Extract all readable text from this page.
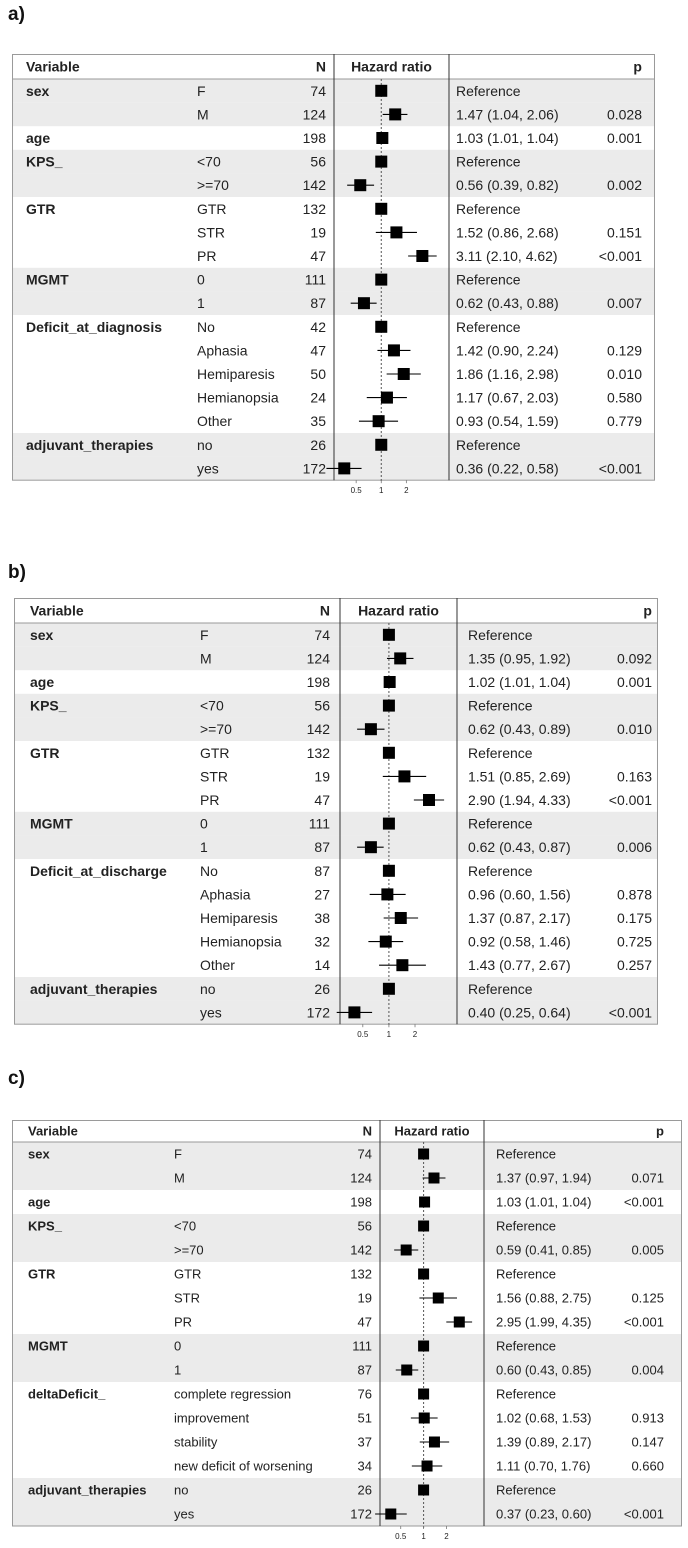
a)
Variable	N Hazard ratio	p
sex	F	74	Reference
M	124	1.47 (1.04, 2.06)	0.028
age	198	1.03 (1.01, 1.04)	0.001
KPS_	<70	56	Reference
>=70	142	0.56 (0.39, 0.82)	0.002
GTR	GTR	132	Reference
STR	19	1.52 (0.86, 2.68)	0.151
PR	47	3.11 (2.10, 4.62)	<0.001
MGMT	0	111	Reference
1	87	0.62 (0.43, 0.88)	0.007
Deficit_at_diagnosis No	42	Reference
Aphasia	47	1.42 (0.90, 2.24)	0.129
Hemiparesis	50	1.86 (1.16, 2.98)	0.010
Hemianopsia 24	1.17 (0.67, 2.03)	0.580
Other	35	0.93 (0.54, 1.59)	0.779
adjuvant_therapies	no	26	Reference
yes	172	0.36 (0.22, 0.58)	<0.001
0.5 1	2
b)
Variable	N Hazard ratio	p
sex	F	74	Reference
M	124	1.35 (0.95, 1.92)	0.092
age	198	1.02 (1.01, 1.04)	0.001
KPS_	<70	56	Reference
>=70	142	0.62 (0.43, 0.89)	0.010
GTR	GTR	132	Reference
STR	19	1.51 (0.85, 2.69)	0.163
PR	47	2.90 (1.94, 4.33)	<0.001
MGMT	0	111	Reference
1	87	0.62 (0.43, 0.87)	0.006
Deficit_at_discharge No	87	Reference
Aphasia	27	0.96 (0.60, 1.56)	0.878
Hemiparesis	38	1.37 (0.87, 2.17)	0.175
Hemianopsia 32	0.92 (0.58, 1.46)	0.725
Other	14	1.43 (0.77, 2.67)	0.257
adjuvant_therapies	no	26	Reference
yes	172	0.40 (0.25, 0.64)	<0.001
0.5 1	2
c)
Variable	N Hazard ratio	p
sex	F	74	Reference
M	124	1.37 (0.97, 1.94)	0.071
age	198	1.03 (1.01, 1.04) <0.001
KPS_	<70	56	Reference
>=70	142	0.59 (0.41, 0.85)	0.005
GTR	GTR	132	Reference
STR	19	1.56 (0.88, 2.75)	0.125
PR	47	2.95 (1.99, 4.35) <0.001
MGMT	0	111	Reference
1	87	0.60 (0.43, 0.85)	0.004
deltaDeficit_	complete regression	76	Reference
improvement	51	1.02 (0.68, 1.53)	0.913
stability	37	1.39 (0.89, 2.17)	0.147
new deficit of worsening	34	1.11 (0.70, 1.76)	0.660
adjuvant_therapies no	26	Reference
yes	172	0.37 (0.23, 0.60) <0.001
0.5 1 2
